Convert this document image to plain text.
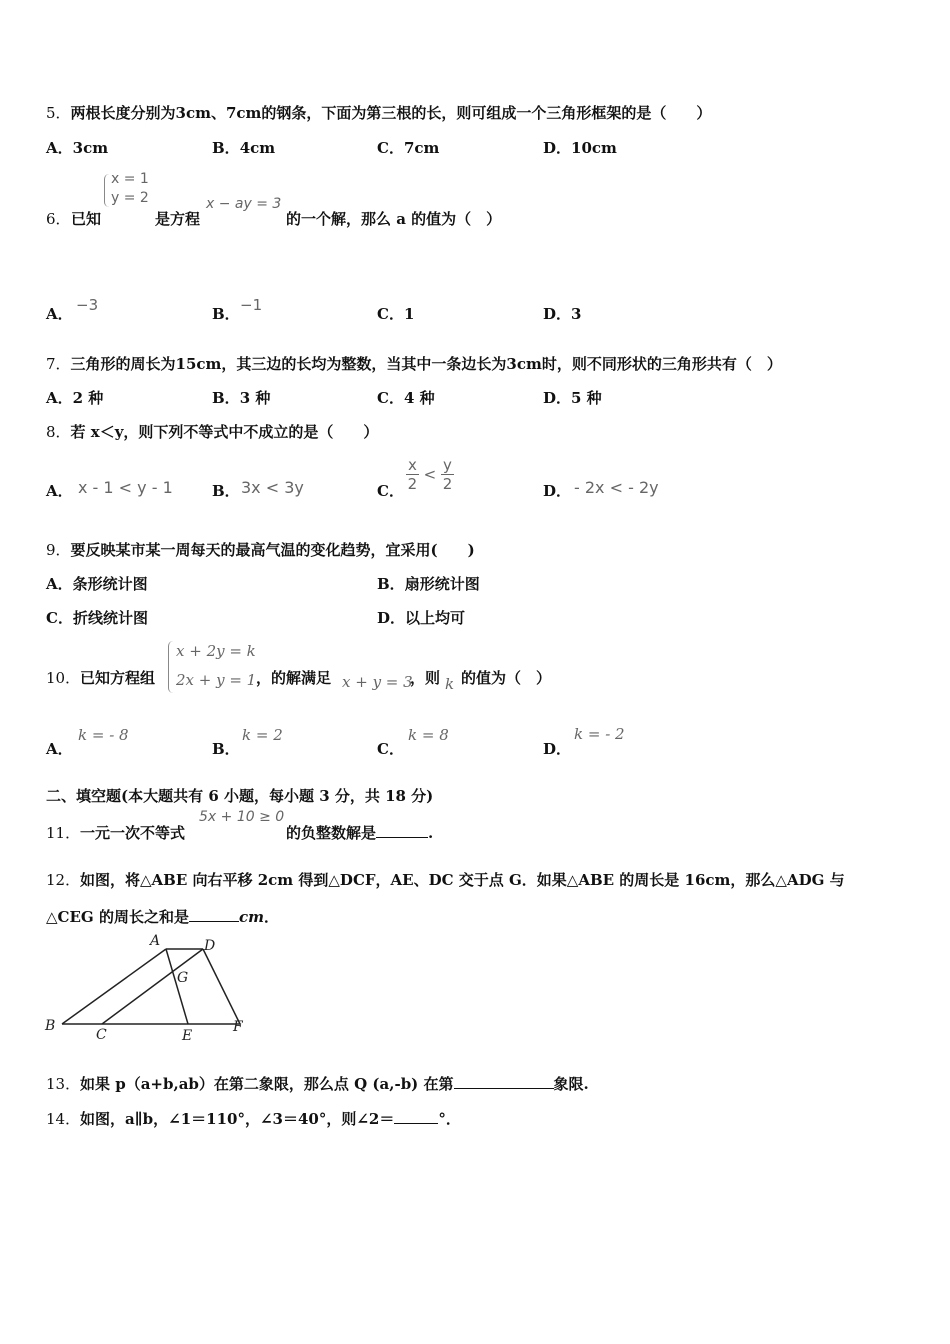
5．两根长度分别为3cm、7cm的钢条，下面为第三根的长，则可组成一个三角形框架的是（　　）
A．3cm	B．4cm	C．7cm	D．10cm
6． 已知
x = 1
y = 2
是方程
x − ay = 3
的一个解，那么 a 的值为（　）
A． −3	B． −1	C．1	D．3
7．三角形的周长为15cm，其三边的长均为整数，当其中一条边长为3cm时，则不同形状的三角形共有（　）
A．2 种	B．3 种	C．4 种	D．5 种
8．若 x＜y，则下列不等式中不成立的是（　　）
A． x - 1 < y - 1	B． 3x < 3y	C． $\frac{x}{2} < \frac{y}{2}$	D． - 2x < - 2y
9．要反映某市某一周每天的最高气温的变化趋势，宜采用(　　)
A．条形统计图	B．扇形统计图
C．折线统计图	D．以上均可
10． 已知方程组
x + 2y = k
2x + y = 1 ，的解满足 x + y = 3
，则 k 的值为（　）
A．
k = - 8
B．
k = 2
C．
k = 8
D．
k = - 2
二、填空题(本大题共有 6 小题，每小题 3 分，共 18 分)
11． 一元一次不等式
5x + 10 ≥ 0
的负整数解是	.
12． 如图，将△ABE 向右平移 2cm 得到△DCF，AE、DC 交于点 G．如果△ABE 的周长是 16cm，那么△ADG 与
△CEG 的周长之和是	cm．
A	D
G
B
C	E
F
13． 如果 p（a+b,ab）在第二象限，那么点 Q (a,-b) 在第	象限.
14． 如图，a∥b，∠1＝110°，∠3＝40°，则∠2＝	°．
